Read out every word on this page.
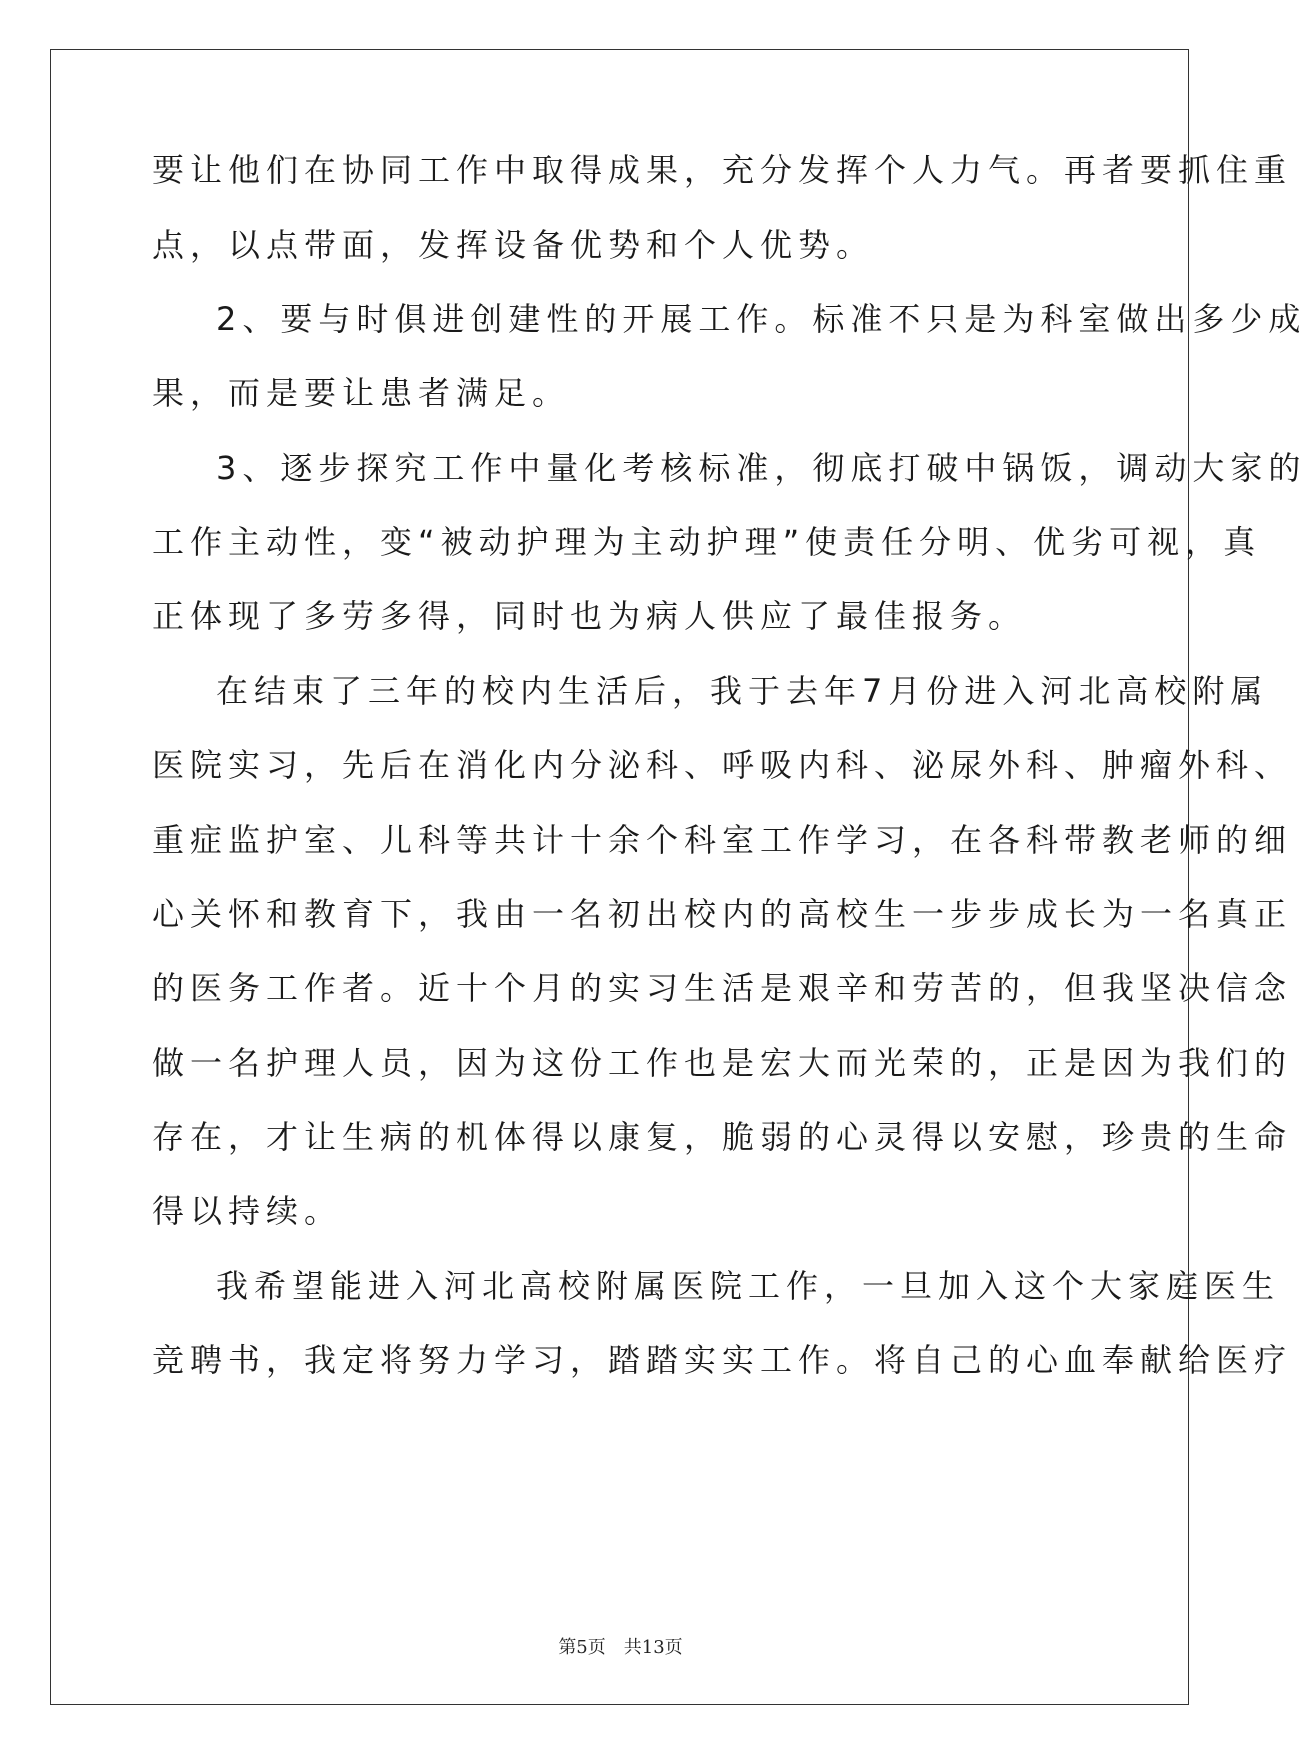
要让他们在协同工作中取得成果，充分发挥个人力气。再者要抓住重
点，以点带面，发挥设备优势和个人优势。
2、要与时俱进创建性的开展工作。标准不只是为科室做出多少成
果，而是要让患者满足。
3、逐步探究工作中量化考核标准，彻底打破中锅饭，调动大家的
工作主动性，变“被动护理为主动护理”使责任分明、优劣可视，真
正体现了多劳多得，同时也为病人供应了最佳报务。
在结束了三年的校内生活后，我于去年7月份进入河北高校附属
医院实习，先后在消化内分泌科、呼吸内科、泌尿外科、肿瘤外科、
重症监护室、儿科等共计十余个科室工作学习，在各科带教老师的细
心关怀和教育下，我由一名初出校内的高校生一步步成长为一名真正
的医务工作者。近十个月的实习生活是艰辛和劳苦的，但我坚决信念
做一名护理人员，因为这份工作也是宏大而光荣的，正是因为我们的
存在，才让生病的机体得以康复，脆弱的心灵得以安慰，珍贵的生命
得以持续。
我希望能进入河北高校附属医院工作，一旦加入这个大家庭医生
竞聘书，我定将努力学习，踏踏实实工作。将自己的心血奉献给医疗
第5页　共13页
